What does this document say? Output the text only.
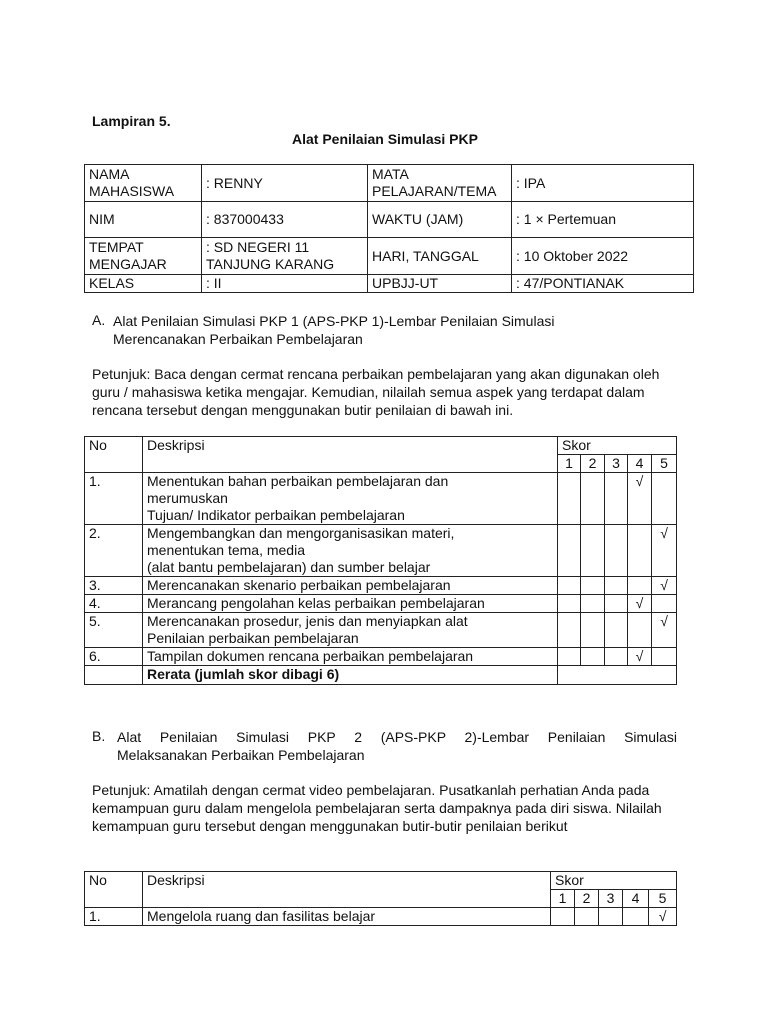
Lampiran 5.
Alat Penilaian Simulasi PKP
NAMA MAHASISWA	: RENNY	MATA PELAJARAN/TEMA	: IPA
NIM	: 837000433	WAKTU (JAM)	: 1 × Pertemuan
TEMPAT MENGAJAR	: SD NEGERI 11 TANJUNG KARANG	HARI, TANGGAL	: 10 Oktober 2022
KELAS	: II	UPBJJ-UT	: 47/PONTIANAK
A. Alat Penilaian Simulasi PKP 1 (APS-PKP 1)-Lembar Penilaian Simulasi
Merencanakan Perbaikan Pembelajaran
Petunjuk: Baca dengan cermat rencana perbaikan pembelajaran yang akan digunakan oleh guru / mahasiswa ketika mengajar. Kemudian, nilailah semua aspek yang terdapat dalam rencana tersebut dengan menggunakan butir penilaian di bawah ini.
No	Deskripsi	Skor				
		1	2	3	4	5
1.	Menentukan bahan perbaikan pembelajaran dan
merumuskan
Tujuan/ Indikator perbaikan pembelajaran				√	
2.	Mengembangkan dan mengorganisasikan materi,
menentukan tema, media
(alat bantu pembelajaran) dan sumber belajar					√
3.	Merencanakan skenario perbaikan pembelajaran					√
4.	Merancang pengolahan kelas perbaikan pembelajaran				√	
5.	Merencanakan prosedur, jenis dan menyiapkan alat
Penilaian perbaikan pembelajaran					√
6.	Tampilan dokumen rencana perbaikan pembelajaran				√	
	Rerata (jumlah skor dibagi 6)					
B. Alat Penilaian Simulasi PKP 2 (APS-PKP 2)-Lembar Penilaian Simulasi
Melaksanakan Perbaikan Pembelajaran
Petunjuk: Amatilah dengan cermat video pembelajaran. Pusatkanlah perhatian Anda pada kemampuan guru dalam mengelola pembelajaran serta dampaknya pada diri siswa. Nilailah kemampuan guru tersebut dengan menggunakan butir-butir penilaian berikut
No	Deskripsi	Skor				
		1	2	3	4	5
1.	Mengelola ruang dan fasilitas belajar					√
